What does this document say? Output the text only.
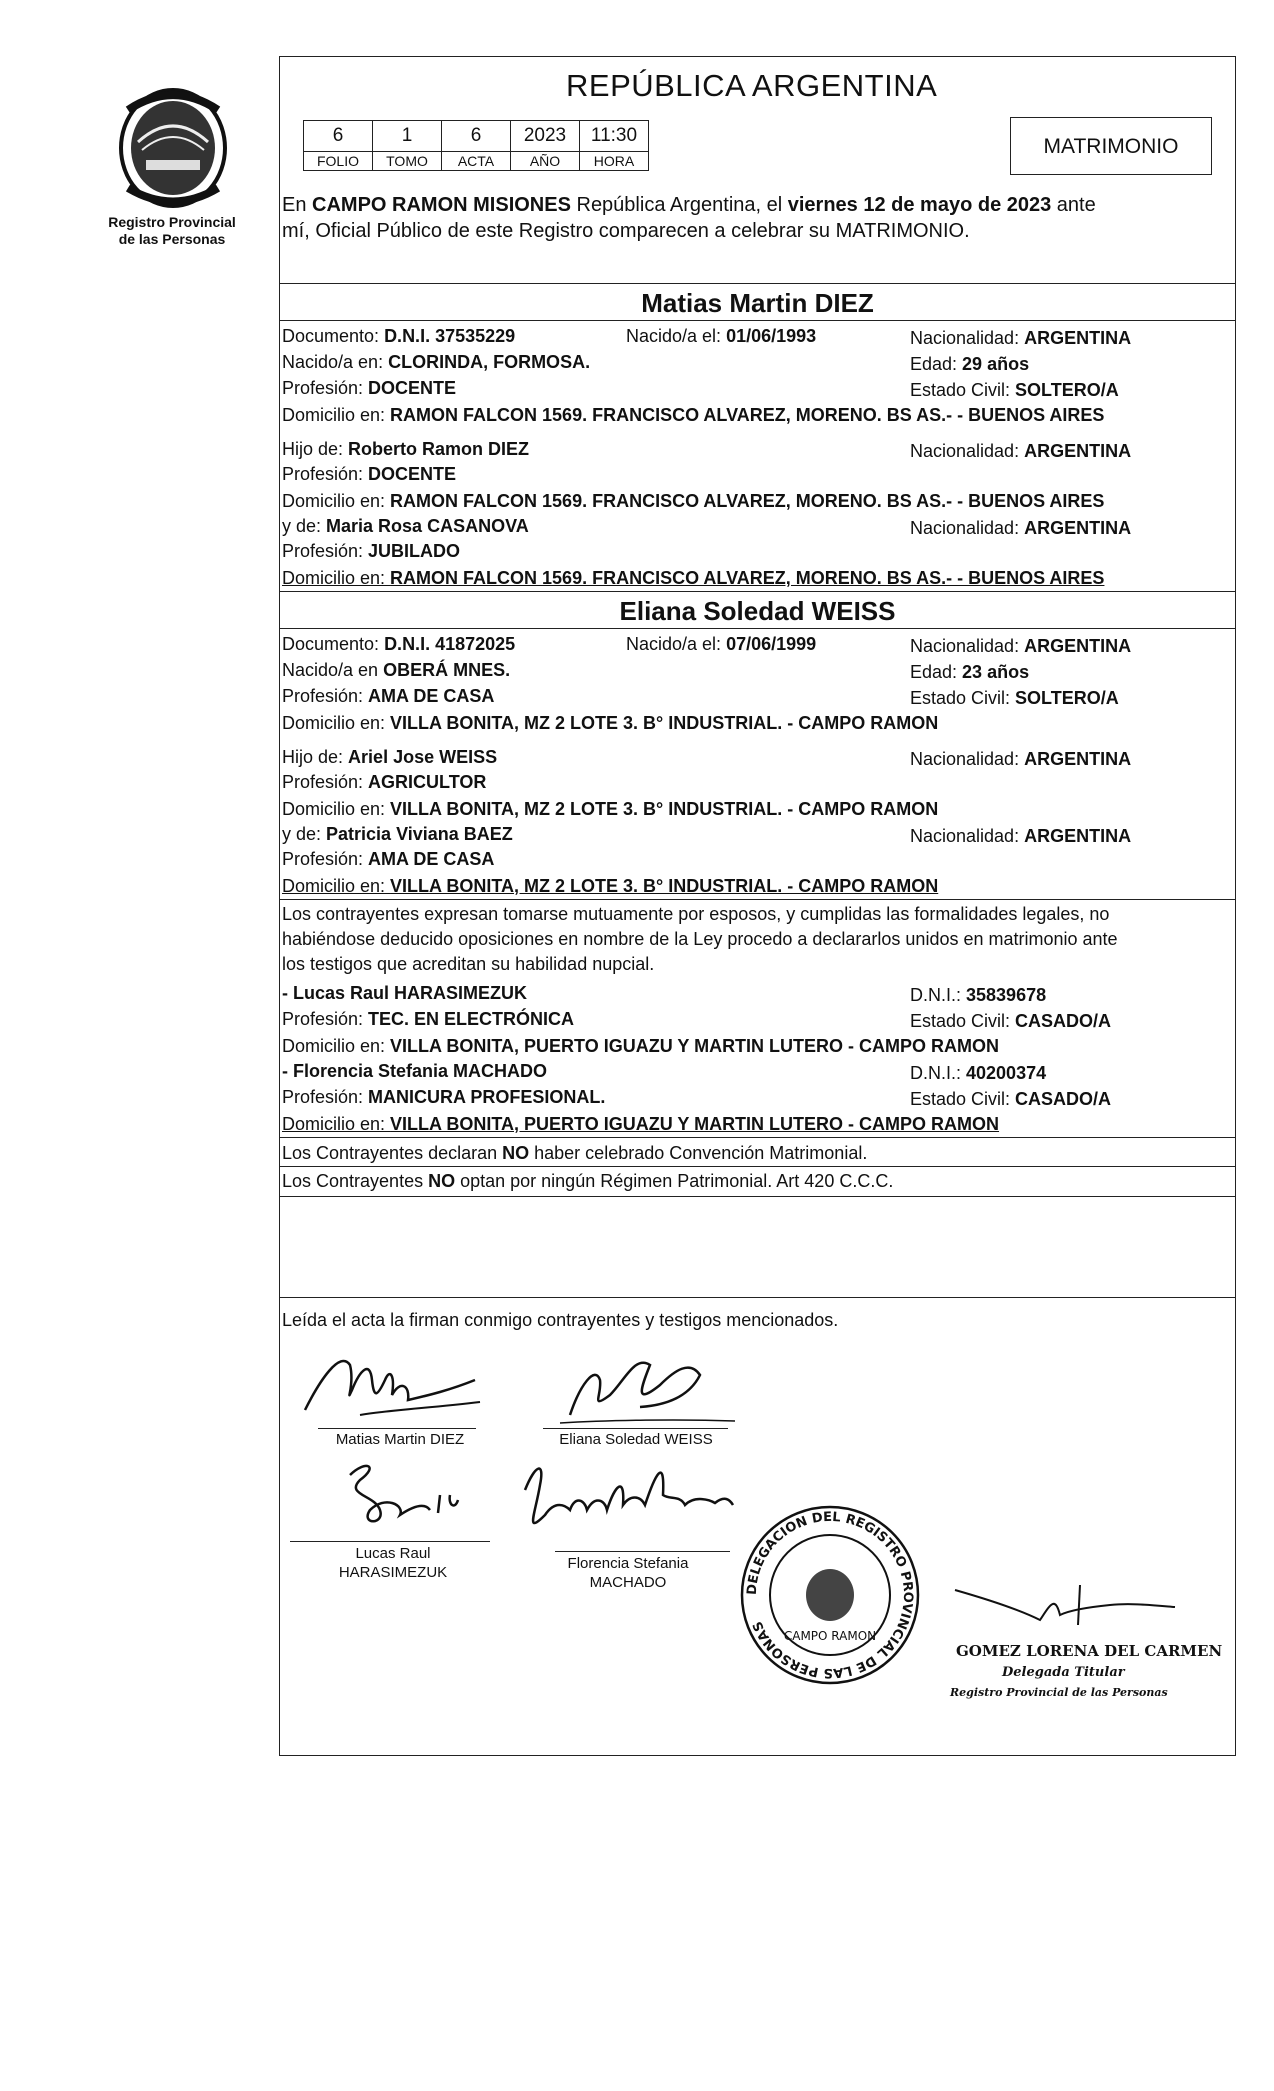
Registro Provincial
de las Personas
REPÚBLICA ARGENTINA
6	1	6	2023	11:30
FOLIO	TOMO	ACTA	AÑO	HORA
MATRIMONIO
En CAMPO RAMON MISIONES República Argentina, el viernes 12 de mayo de 2023 ante
mí, Oficial Público de este Registro comparecen a celebrar su MATRIMONIO.
Matias Martin DIEZ
Documento: D.N.I. 37535229	Nacido/a el: 01/06/1993	Nacionalidad: ARGENTINA
Nacido/a en: CLORINDA, FORMOSA.	Edad: 29 años
Profesión: DOCENTE	Estado Civil: SOLTERO/A
Domicilio en: RAMON FALCON 1569. FRANCISCO ALVAREZ, MORENO. BS AS.- - BUENOS AIRES
Hijo de: Roberto Ramon DIEZ	Nacionalidad: ARGENTINA
Profesión: DOCENTE
Domicilio en: RAMON FALCON 1569. FRANCISCO ALVAREZ, MORENO. BS AS.- - BUENOS AIRES
y de: Maria Rosa CASANOVA	Nacionalidad: ARGENTINA
Profesión: JUBILADO
Domicilio en: RAMON FALCON 1569. FRANCISCO ALVAREZ, MORENO. BS AS.- - BUENOS AIRES
Eliana Soledad WEISS
Documento: D.N.I. 41872025	Nacido/a el: 07/06/1999	Nacionalidad: ARGENTINA
Nacido/a en OBERÁ MNES.	Edad: 23 años
Profesión: AMA DE CASA	Estado Civil: SOLTERO/A
Domicilio en: VILLA BONITA, MZ 2 LOTE 3. B° INDUSTRIAL. - CAMPO RAMON
Hijo de: Ariel Jose WEISS	Nacionalidad: ARGENTINA
Profesión: AGRICULTOR
Domicilio en: VILLA BONITA, MZ 2 LOTE 3. B° INDUSTRIAL. - CAMPO RAMON
y de: Patricia Viviana BAEZ	Nacionalidad: ARGENTINA
Profesión: AMA DE CASA
Domicilio en: VILLA BONITA, MZ 2 LOTE 3. B° INDUSTRIAL. - CAMPO RAMON
Los contrayentes expresan tomarse mutuamente por esposos, y cumplidas las formalidades legales, no
habiéndose deducido oposiciones en nombre de la Ley procedo a declararlos unidos en matrimonio ante
los testigos que acreditan su habilidad nupcial.
- Lucas Raul HARASIMEZUK	D.N.I.: 35839678
Profesión: TEC. EN ELECTRÓNICA	Estado Civil: CASADO/A
Domicilio en: VILLA BONITA, PUERTO IGUAZU Y MARTIN LUTERO - CAMPO RAMON
- Florencia Stefania MACHADO	D.N.I.: 40200374
Profesión: MANICURA PROFESIONAL.	Estado Civil: CASADO/A
Domicilio en: VILLA BONITA, PUERTO IGUAZU Y MARTIN LUTERO - CAMPO RAMON
Los Contrayentes declaran NO haber celebrado Convención Matrimonial.
Los Contrayentes NO optan por ningún Régimen Patrimonial. Art 420 C.C.C.
Leída el acta la firman conmigo contrayentes y testigos mencionados.
Matias Martin DIEZ	Eliana Soledad WEISS
Lucas Raul
HARASIMEZUK
Florencia Stefania
MACHADO	DELEGACION DEL REGISTRO PROVINCIAL DE LAS PERSONAS
CAMPO RAMON
GOMEZ LORENA DEL CARMEN
Delegada Titular
Registro Provincial de las Personas
